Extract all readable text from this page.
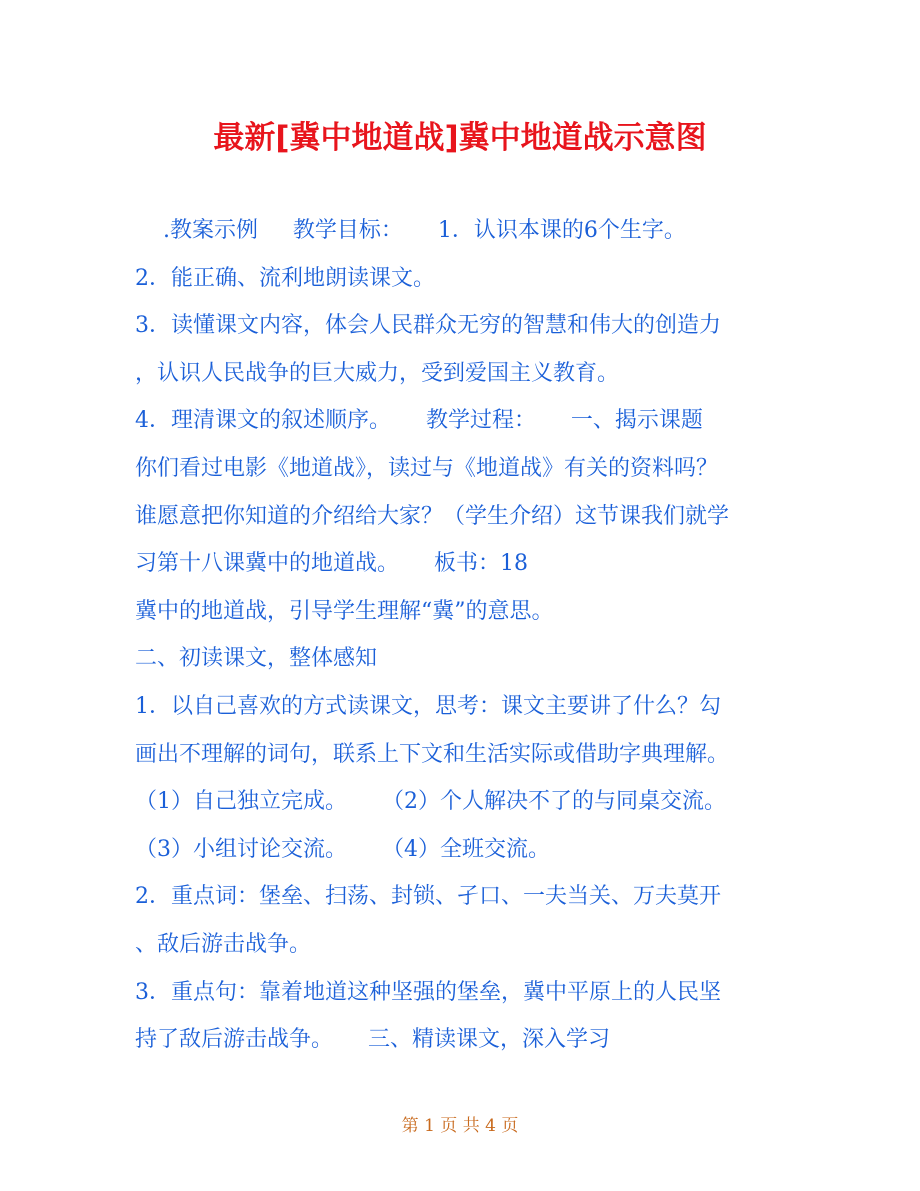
最新[冀中地道战]冀中地道战示意图
.教案示例     教学目标：     1．认识本课的6个生字。
2．能正确、流利地朗读课文。
3．读懂课文内容，体会人民群众无穷的智慧和伟大的创造力
，认识人民战争的巨大威力，受到爱国主义教育。
4．理清课文的叙述顺序。     教学过程：     一、揭示课题
你们看过电影《地道战》，读过与《地道战》有关的资料吗？
谁愿意把你知道的介绍给大家？（学生介绍）这节课我们就学
习第十八课冀中的地道战。     板书：18
冀中的地道战，引导学生理解“冀”的意思。
二、初读课文，整体感知
1．以自己喜欢的方式读课文，思考：课文主要讲了什么？勾
画出不理解的词句，联系上下文和生活实际或借助字典理解。
（1）自己独立完成。     （2）个人解决不了的与同桌交流。
（3）小组讨论交流。     （4）全班交流。
2．重点词：堡垒、扫荡、封锁、孑口、一夫当关、万夫莫开
、敌后游击战争。
3．重点句：靠着地道这种坚强的堡垒，冀中平原上的人民坚
持了敌后游击战争。     三、精读课文，深入学习
第 1 页 共 4 页
